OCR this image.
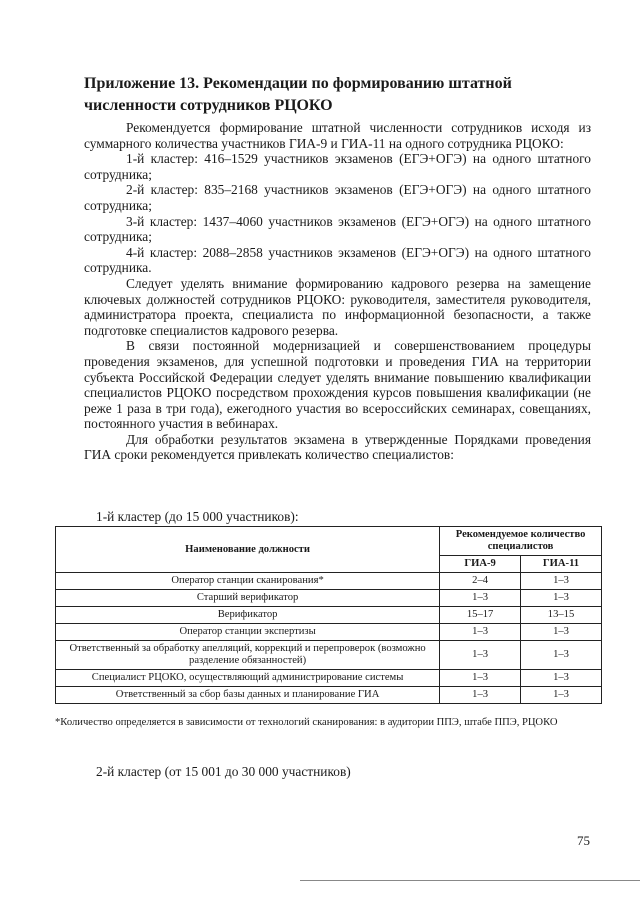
Приложение 13. Рекомендации по формированию штатной численности сотрудников РЦОКО

Рекомендуется формирование штатной численности сотрудников исходя из суммарного количества участников ГИА-9 и ГИА-11 на одного сотрудника РЦОКО:

1-й кластер: 416–1529 участников экзаменов (ЕГЭ+ОГЭ) на одного штатного сотрудника;

2-й кластер: 835–2168 участников экзаменов (ЕГЭ+ОГЭ) на одного штатного сотрудника;

3-й кластер: 1437–4060 участников экзаменов (ЕГЭ+ОГЭ) на одного штатного сотрудника;

4-й кластер: 2088–2858 участников экзаменов (ЕГЭ+ОГЭ) на одного штатного сотрудника.

Следует уделять внимание формированию кадрового резерва на замещение ключевых должностей сотрудников РЦОКО: руководителя, заместителя руководителя, администратора проекта, специалиста по информационной безопасности, а также подготовке специалистов кадрового резерва.

В связи постоянной модернизацией и совершенствованием процедуры проведения экзаменов, для успешной подготовки и проведения ГИА на территории субъекта Российской Федерации следует уделять внимание повышению квалификации специалистов РЦОКО посредством прохождения курсов повышения квалификации (не реже 1 раза в три года), ежегодного участия во всероссийских семинарах, совещаниях, постоянного участия в вебинарах.

Для обработки результатов экзамена в утвержденные Порядками проведения ГИА сроки рекомендуется привлекать количество специалистов:

1-й кластер (до 15 000 участников):
Наименование должности	Рекомендуемое количество специалистов	
	ГИА-9	ГИА-11
Оператор станции сканирования*	2–4	1–3
Старший верификатор	1–3	1–3
Верификатор	15–17	13–15
Оператор станции экспертизы	1–3	1–3
Ответственный за обработку апелляций, коррекций и перепроверок (возможно разделение обязанностей)	1–3	1–3
Специалист РЦОКО, осуществляющий администрирование системы	1–3	1–3
Ответственный за сбор базы данных и планирование ГИА	1–3	1–3
*Количество определяется в зависимости от технологий сканирования: в аудитории ППЭ, штабе ППЭ, РЦОКО
2-й кластер (от 15 001 до 30 000 участников)
75
